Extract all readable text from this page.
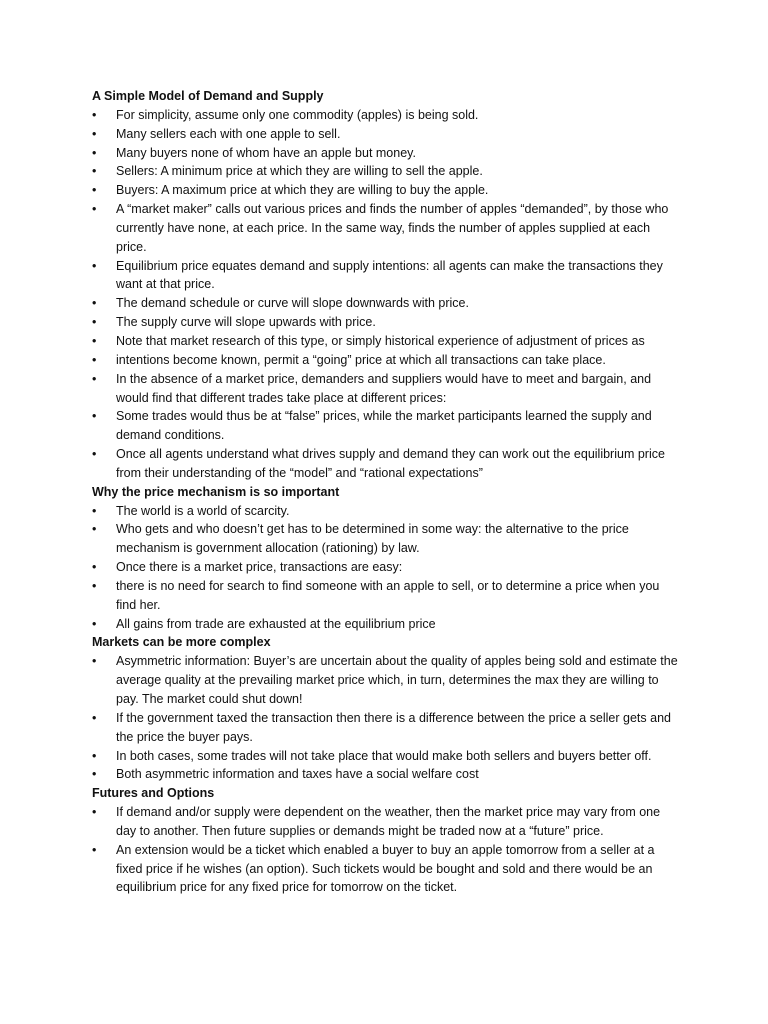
A Simple Model of Demand and Supply
•	For simplicity, assume only one commodity (apples) is being sold.
•	Many sellers each with one apple to sell.
•	Many buyers none of whom have an apple but money.
•	Sellers: A minimum price at which they are willing to sell the apple.
•	Buyers: A maximum price at which they are willing to buy the apple.
•	A “market maker” calls out various prices and finds the number of apples “demanded”, by those who currently have none, at each price. In the same way, finds the number of apples supplied at each price.
•	Equilibrium price equates demand and supply intentions: all agents can make the transactions they want at that price.
•	The demand schedule or curve will slope downwards with price.
•	The supply curve will slope upwards with price.
•	Note that market research of this type, or simply historical experience of adjustment of prices as
•	intentions become known, permit a “going” price at which all transactions can take place.
•	In the absence of a market price, demanders and suppliers would have to meet and bargain, and would find that different trades take place at different prices:
•	Some trades would thus be at “false” prices, while the market participants learned the supply and demand conditions.
•	Once all agents understand what drives supply and demand they can work out the equilibrium price from their understanding of the “model” and “rational expectations”
Why the price mechanism is so important
•	The world is a world of scarcity.
•	Who gets and who doesn’t get has to be determined in some way: the alternative to the price mechanism is government allocation (rationing) by law.
•	Once there is a market price, transactions are easy:
•	there is no need for search to find someone with an apple to sell, or to determine a price when you find her.
•	All gains from trade are exhausted at the equilibrium price
Markets can be more complex
•	Asymmetric information: Buyer’s are uncertain about the quality of apples being sold and estimate the average quality at the prevailing market price which, in turn, determines the max they are willing to pay. The market could shut down!
•	If the government taxed the transaction then there is a difference between the price a seller gets and the price the buyer pays.
•	In both cases, some trades will not take place that would make both sellers and buyers better off.
•	Both asymmetric information and taxes have a social welfare cost
Futures and Options
•	If demand and/or supply were dependent on the weather, then the market price may vary from one day to another. Then future supplies or demands might be traded now at a “future” price.
•	An extension would be a ticket which enabled a buyer to buy an apple tomorrow from a seller at a fixed price if he wishes (an option). Such tickets would be bought and sold and there would be an equilibrium price for any fixed price for tomorrow on the ticket.
